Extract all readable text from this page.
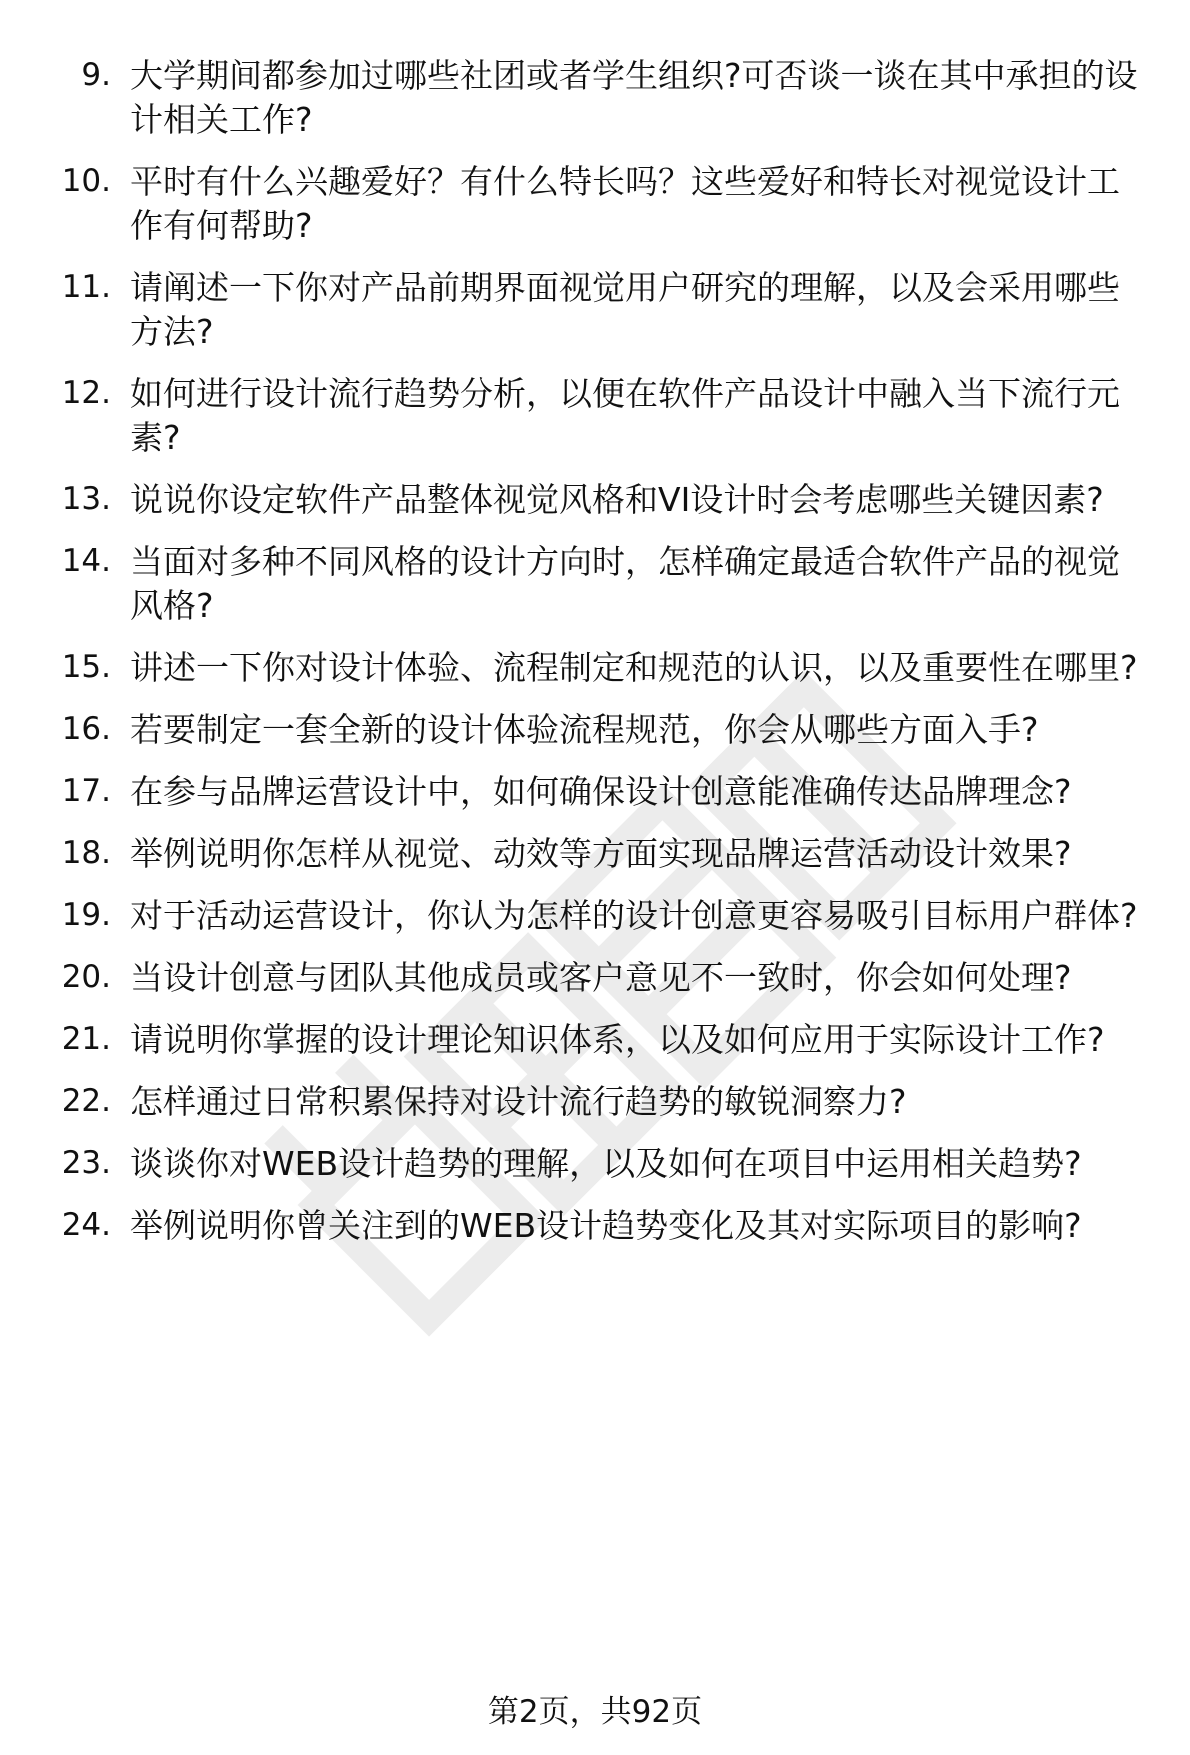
9. 大学期间都参加过哪些社团或者学生组织?可否谈一谈在其中承担的设计相关工作?
10. 平时有什么兴趣爱好？有什么特长吗？这些爱好和特长对视觉设计工作有何帮助?
11. 请阐述一下你对产品前期界面视觉用户研究的理解，以及会采用哪些方法?
12. 如何进行设计流行趋势分析，以便在软件产品设计中融入当下流行元素?
13. 说说你设定软件产品整体视觉风格和VI设计时会考虑哪些关键因素?
14. 当面对多种不同风格的设计方向时，怎样确定最适合软件产品的视觉风格?
15. 讲述一下你对设计体验、流程制定和规范的认识，以及重要性在哪里?
16. 若要制定一套全新的设计体验流程规范，你会从哪些方面入手?
17. 在参与品牌运营设计中，如何确保设计创意能准确传达品牌理念?
18. 举例说明你怎样从视觉、动效等方面实现品牌运营活动设计效果?
19. 对于活动运营设计，你认为怎样的设计创意更容易吸引目标用户群体?
20. 当设计创意与团队其他成员或客户意见不一致时，你会如何处理?
21. 请说明你掌握的设计理论知识体系，以及如何应用于实际设计工作?
22. 怎样通过日常积累保持对设计流行趋势的敏锐洞察力?
23. 谈谈你对WEB设计趋势的理解，以及如何在项目中运用相关趋势?
24. 举例说明你曾关注到的WEB设计趋势变化及其对实际项目的影响?
第2页，共92页
